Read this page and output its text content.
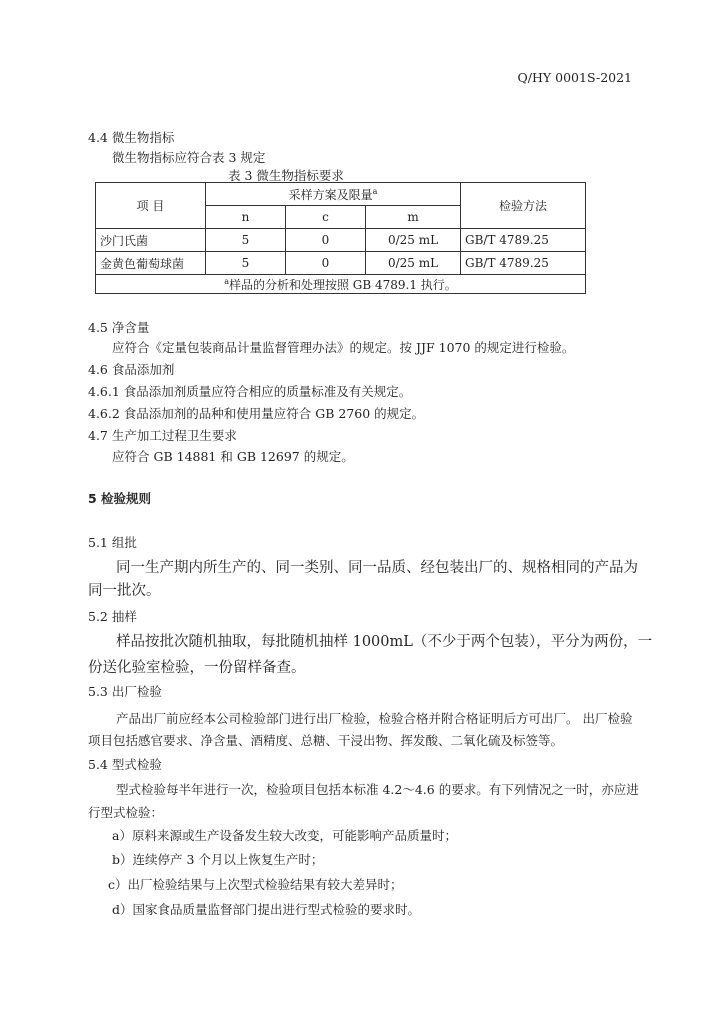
Q/HY 0001S-2021
4.4 微生物指标
微生物指标应符合表 3 规定
表 3 微生物指标要求
项 目	采样方案及限量$^a$			检验方法
	n	c	m	
沙门氏菌	5	0	0/25 mL	GB/T 4789.25
金黄色葡萄球菌	5	0	0/25 mL	GB/T 4789.25
$^a$样品的分析和处理按照 GB 4789.1 执行。				
4.5 净含量
应符合《定量包装商品计量监督管理办法》的规定。按 JJF 1070 的规定进行检验。
4.6 食品添加剂
4.6.1 食品添加剂质量应符合相应的质量标准及有关规定。
4.6.2 食品添加剂的品种和使用量应符合 GB 2760 的规定。
4.7 生产加工过程卫生要求
应符合 GB 14881 和 GB 12697 的规定。
5 检验规则
5.1 组批
同一生产期内所生产的、同一类别、同一品质、经包装出厂的、规格相同的产品为
同一批次。
5.2 抽样
样品按批次随机抽取，每批随机抽样 1000mL（不少于两个包装），平分为两份，一
份送化验室检验，一份留样备查。
5.3 出厂检验
产品出厂前应经本公司检验部门进行出厂检验，检验合格并附合格证明后方可出厂。 出厂检验
项目包括感官要求、净含量、酒精度、总糖、干浸出物、挥发酸、二氧化硫及标签等。
5.4 型式检验
型式检验每半年进行一次，检验项目包括本标准 4.2～4.6 的要求。有下列情况之一时，亦应进
行型式检验：
a）原料来源或生产设备发生较大改变，可能影响产品质量时；
b）连续停产 3 个月以上恢复生产时；
c）出厂检验结果与上次型式检验结果有较大差异时；
d）国家食品质量监督部门提出进行型式检验的要求时。
